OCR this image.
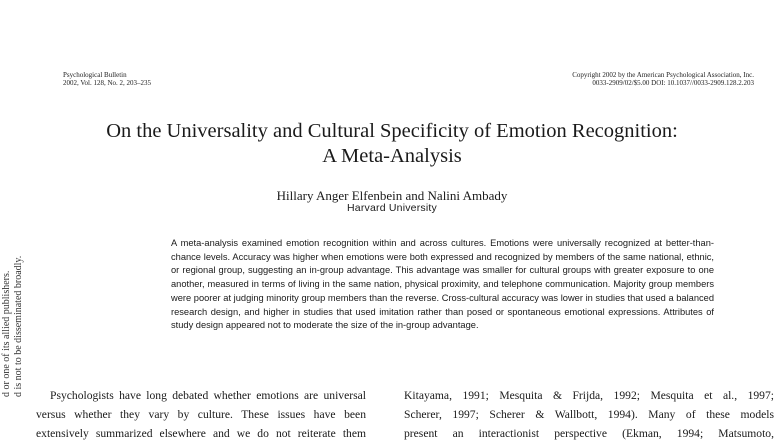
Psychological Bulletin
2002, Vol. 128, No. 2, 203–235
Copyright 2002 by the American Psychological Association, Inc.
0033-2909/02/$5.00 DOI: 10.1037//0033-2909.128.2.203
On the Universality and Cultural Specificity of Emotion Recognition:
A Meta-Analysis
Hillary Anger Elfenbein and Nalini Ambady
Harvard University
A meta-analysis examined emotion recognition within and across cultures. Emotions were universally recognized at better-than-chance levels. Accuracy was higher when emotions were both expressed and recognized by members of the same national, ethnic, or regional group, suggesting an in-group advantage. This advantage was smaller for cultural groups with greater exposure to one another, measured in terms of living in the same nation, physical proximity, and telephone communication. Majority group members were poorer at judging minority group members than the reverse. Cross-cultural accuracy was lower in studies that used a balanced research design, and higher in studies that used imitation rather than posed or spontaneous emotional expressions. Attributes of study design appeared not to moderate the size of the in-group advantage.
Psychologists have long debated whether emotions are universal
versus whether they vary by culture. These issues have been
extensively summarized elsewhere and we do not reiterate them
Kitayama, 1991; Mesquita & Frijda, 1992; Mesquita et al., 1997;
Scherer, 1997; Scherer & Wallbott, 1994). Many of these models
present an interactionist perspective (Ekman, 1994; Matsumoto,
d or one of its allied publishers. d is not to be disseminated broadly.
